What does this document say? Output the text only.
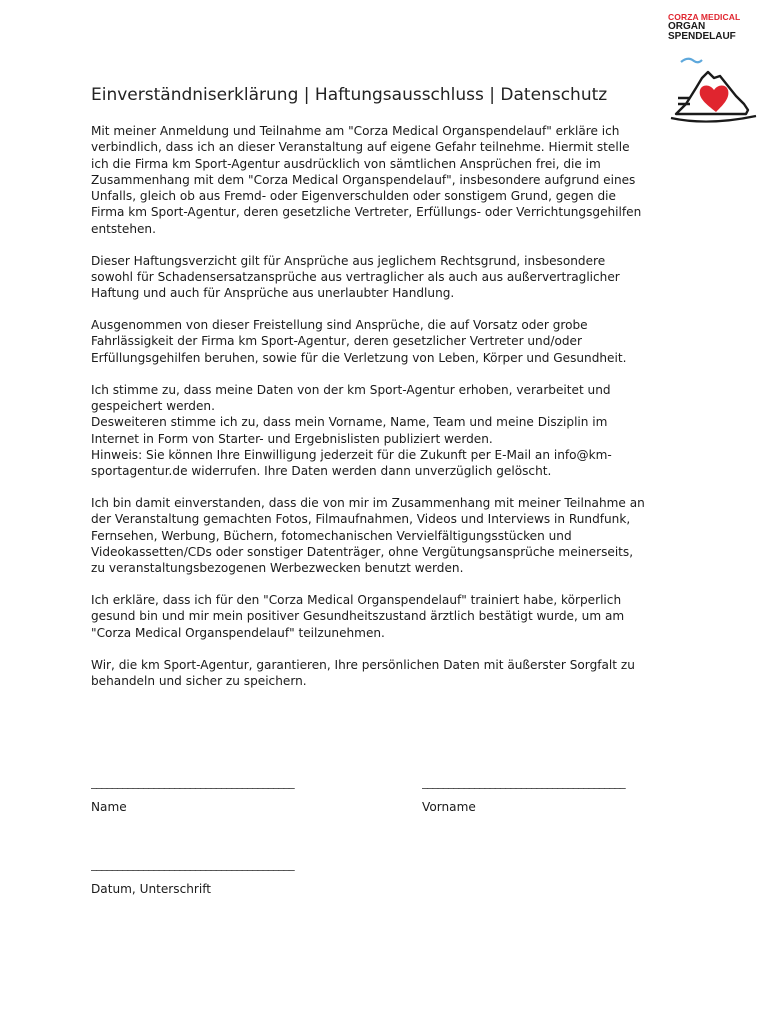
CORZA MEDICAL
ORGAN
SPENDELAUF
Einverständniserklärung | Haftungsausschluss | Datenschutz

Mit meiner Anmeldung und Teilnahme am "Corza Medical Organspendelauf" erkläre ich
verbindlich, dass ich an dieser Veranstaltung auf eigene Gefahr teilnehme. Hiermit stelle
ich die Firma km Sport-Agentur ausdrücklich von sämtlichen Ansprüchen frei, die im
Zusammenhang mit dem "Corza Medical Organspendelauf", insbesondere aufgrund eines
Unfalls, gleich ob aus Fremd- oder Eigenverschulden oder sonstigem Grund, gegen die
Firma km Sport-Agentur, deren gesetzliche Vertreter, Erfüllungs- oder Verrichtungsgehilfen
entstehen.

Dieser Haftungsverzicht gilt für Ansprüche aus jeglichem Rechtsgrund, insbesondere
sowohl für Schadensersatzansprüche aus vertraglicher als auch aus außervertraglicher
Haftung und auch für Ansprüche aus unerlaubter Handlung.

Ausgenommen von dieser Freistellung sind Ansprüche, die auf Vorsatz oder grobe
Fahrlässigkeit der Firma km Sport-Agentur, deren gesetzlicher Vertreter und/oder
Erfüllungsgehilfen beruhen, sowie für die Verletzung von Leben, Körper und Gesundheit.

Ich stimme zu, dass meine Daten von der km Sport-Agentur erhoben, verarbeitet und
gespeichert werden.
Desweiteren stimme ich zu, dass mein Vorname, Name, Team und meine Disziplin im
Internet in Form von Starter- und Ergebnislisten publiziert werden.
Hinweis: Sie können Ihre Einwilligung jederzeit für die Zukunft per E-Mail an info@km-
sportagentur.de widerrufen. Ihre Daten werden dann unverzüglich gelöscht.

Ich bin damit einverstanden, dass die von mir im Zusammenhang mit meiner Teilnahme an
der Veranstaltung gemachten Fotos, Filmaufnahmen, Videos und Interviews in Rundfunk,
Fernsehen, Werbung, Büchern, fotomechanischen Vervielfältigungsstücken und
Videokassetten/CDs oder sonstiger Datenträger, ohne Vergütungsansprüche meinerseits,
zu veranstaltungsbezogenen Werbezwecken benutzt werden.

Ich erkläre, dass ich für den "Corza Medical Organspendelauf" trainiert habe, körperlich
gesund bin und mir mein positiver Gesundheitszustand ärztlich bestätigt wurde, um am
"Corza Medical Organspendelauf" teilzunehmen.

Wir, die km Sport-Agentur, garantieren, Ihre persönlichen Daten mit äußerster Sorgfalt zu
behandeln und sicher zu speichern.

_______________________________________	_______________________________________
Name	Vorname
_______________________________________
Datum, Unterschrift
